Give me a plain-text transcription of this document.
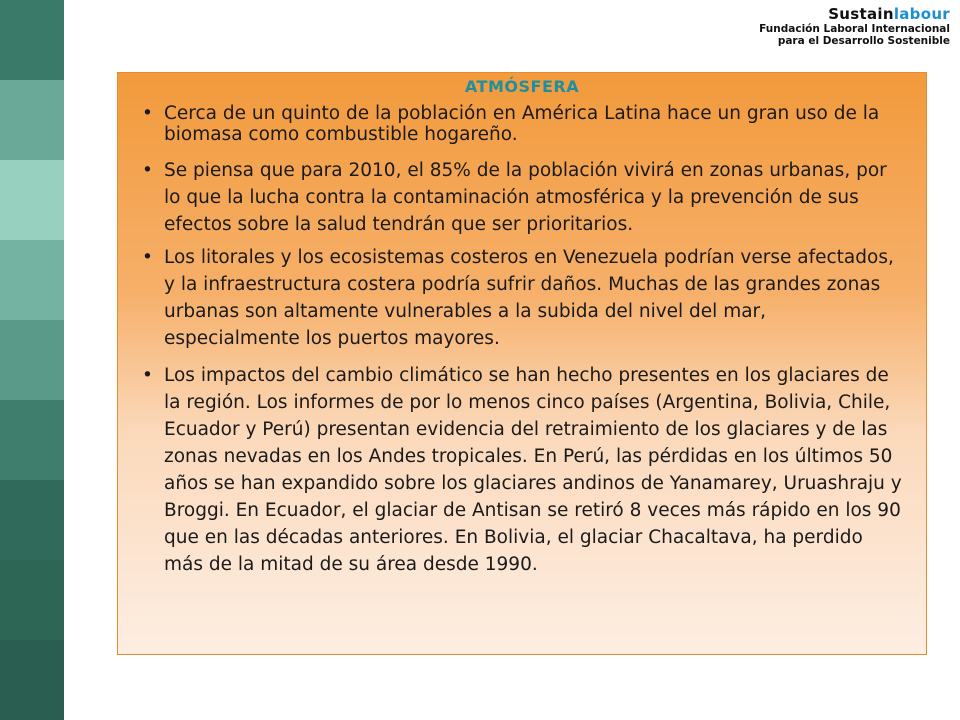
Sustainlabour
Fundación Laboral Internacional
para el Desarrollo Sostenible
ATMÓSFERA
• Cerca de un quinto de la población en América Latina hace un gran uso de la biomasa como combustible hogareño.
• Se piensa que para 2010, el 85% de la población vivirá en zonas urbanas, por lo que la lucha contra la contaminación atmosférica y la prevención de sus efectos sobre la salud tendrán que ser prioritarios.
• Los litorales y los ecosistemas costeros en Venezuela podrían verse afectados, y la infraestructura costera podría sufrir daños. Muchas de las grandes zonas urbanas son altamente vulnerables a la subida del nivel del mar, especialmente los puertos mayores.
• Los impactos del cambio climático se han hecho presentes en los glaciares de la región. Los informes de por lo menos cinco países (Argentina, Bolivia, Chile, Ecuador y Perú) presentan evidencia del retraimiento de los glaciares y de las zonas nevadas en los Andes tropicales. En Perú, las pérdidas en los últimos 50 años se han expandido sobre los glaciares andinos de Yanamarey, Uruashraju y Broggi. En Ecuador, el glaciar de Antisan se retiró 8 veces más rápido en los 90 que en las décadas anteriores. En Bolivia, el glaciar Chacaltava, ha perdido más de la mitad de su área desde 1990.
